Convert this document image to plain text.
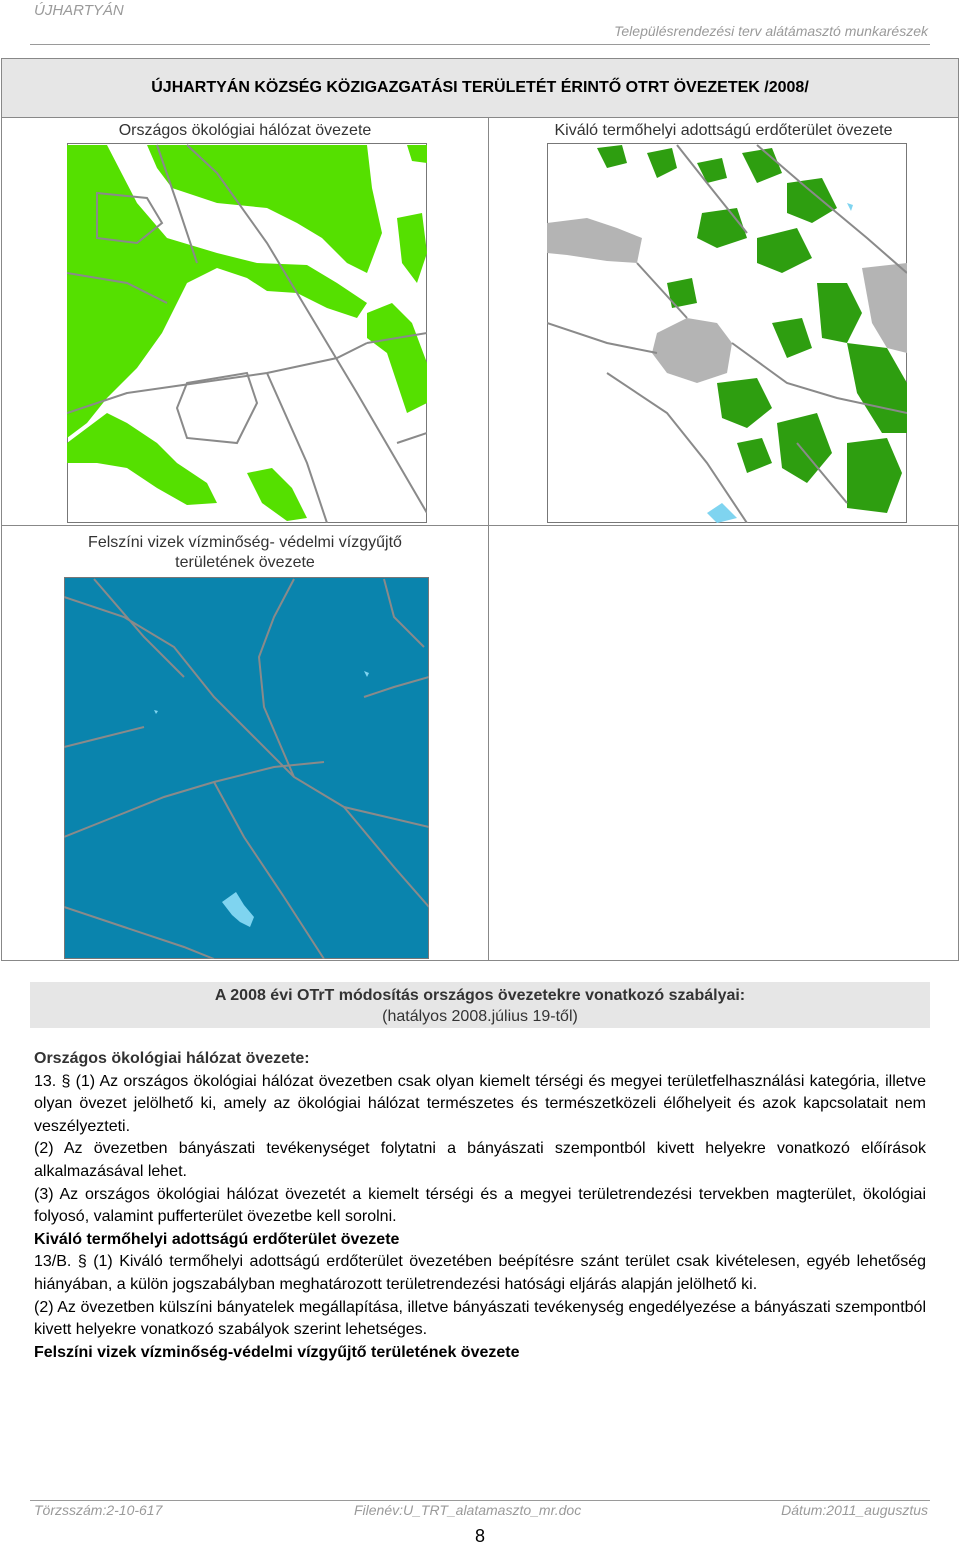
ÚJHARTYÁN
Településrendezési terv alátámasztó munkarészek
ÚJHARTYÁN KÖZSÉG KÖZIGAZGATÁSI TERÜLETÉT ÉRINTŐ OTRT ÖVEZETEK /2008/
Országos ökológiai hálózat övezete	Kiváló termőhelyi adottságú erdőterület övezete
Felszíni vizek vízminőség- védelmi vízgyűjtő
területének övezete
A 2008 évi OTrT módosítás országos övezetekre vonatkozó szabályai:
(hatályos 2008.július 19-től)

Országos ökológiai hálózat övezete:

13. § (1) Az országos ökológiai hálózat övezetben csak olyan kiemelt térségi és megyei területfelhasználási kategória, illetve olyan övezet jelölhető ki, amely az ökológiai hálózat természetes és természetközeli élőhelyeit és azok kapcsolatait nem veszélyezteti.

(2) Az övezetben bányászati tevékenységet folytatni a bányászati szempontból kivett helyekre vonatkozó előírások alkalmazásával lehet.

(3) Az országos ökológiai hálózat övezetét a kiemelt térségi és a megyei területrendezési tervekben magterület, ökológiai folyosó, valamint pufferterület övezetbe kell sorolni.

Kiváló termőhelyi adottságú erdőterület övezete

13/B. § (1) Kiváló termőhelyi adottságú erdőterület övezetében beépítésre szánt terület csak kivételesen, egyéb lehetőség hiányában, a külön jogszabályban meghatározott területrendezési hatósági eljárás alapján jelölhető ki.

(2) Az övezetben külszíni bányatelek megállapítása, illetve bányászati tevékenység engedélyezése a bányászati szempontból kivett helyekre vonatkozó szabályok szerint lehetséges.

Felszíni vizek vízminőség-védelmi vízgyűjtő területének övezete

Törzsszám:2-10-617	Filenév:U_TRT_alatamaszto_mr.doc	Dátum:2011_augusztus
8
